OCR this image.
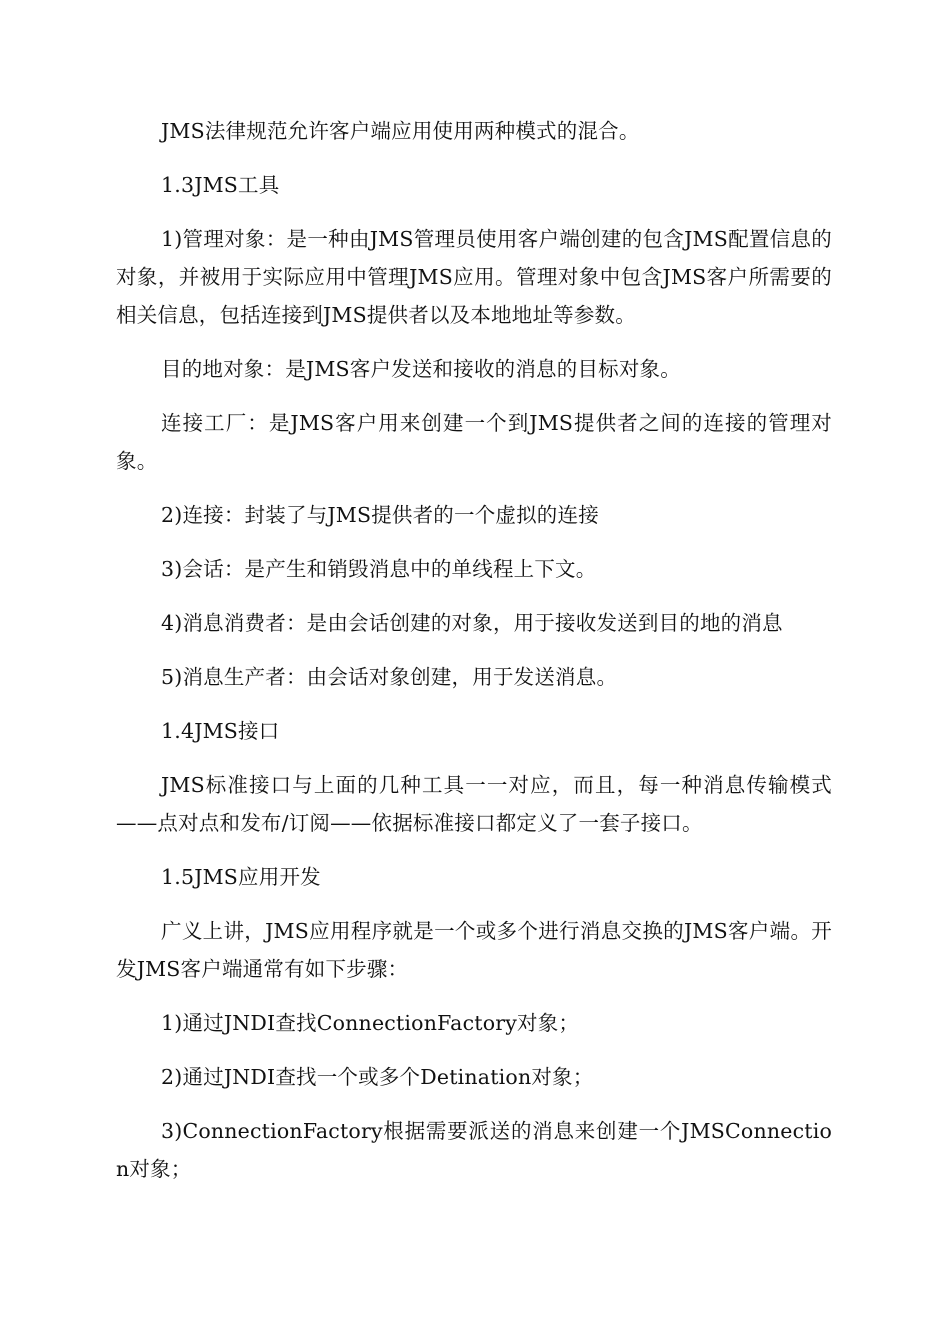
JMS法律规范允许客户端应用使用两种模式的混合。

1.3JMS工具

1)管理对象：是一种由JMS管理员使用客户端创建的包含JMS配置信息的对象，并被用于实际应用中管理JMS应用。管理对象中包含JMS客户所需要的相关信息，包括连接到JMS提供者以及本地地址等参数。

目的地对象：是JMS客户发送和接收的消息的目标对象。

连接工厂：是JMS客户用来创建一个到JMS提供者之间的连接的管理对象。

2)连接：封装了与JMS提供者的一个虚拟的连接

3)会话：是产生和销毁消息中的单线程上下文。

4)消息消费者：是由会话创建的对象，用于接收发送到目的地的消息

5)消息生产者：由会话对象创建，用于发送消息。

1.4JMS接口

JMS标准接口与上面的几种工具一一对应，而且，每一种消息传输模式——点对点和发布/订阅——依据标准接口都定义了一套子接口。

1.5JMS应用开发

广义上讲，JMS应用程序就是一个或多个进行消息交换的JMS客户端。开发JMS客户端通常有如下步骤：

1)通过JNDI查找ConnectionFactory对象；

2)通过JNDI查找一个或多个Detination对象；

3)ConnectionFactory根据需要派送的消息来创建一个JMSConnection对象；
